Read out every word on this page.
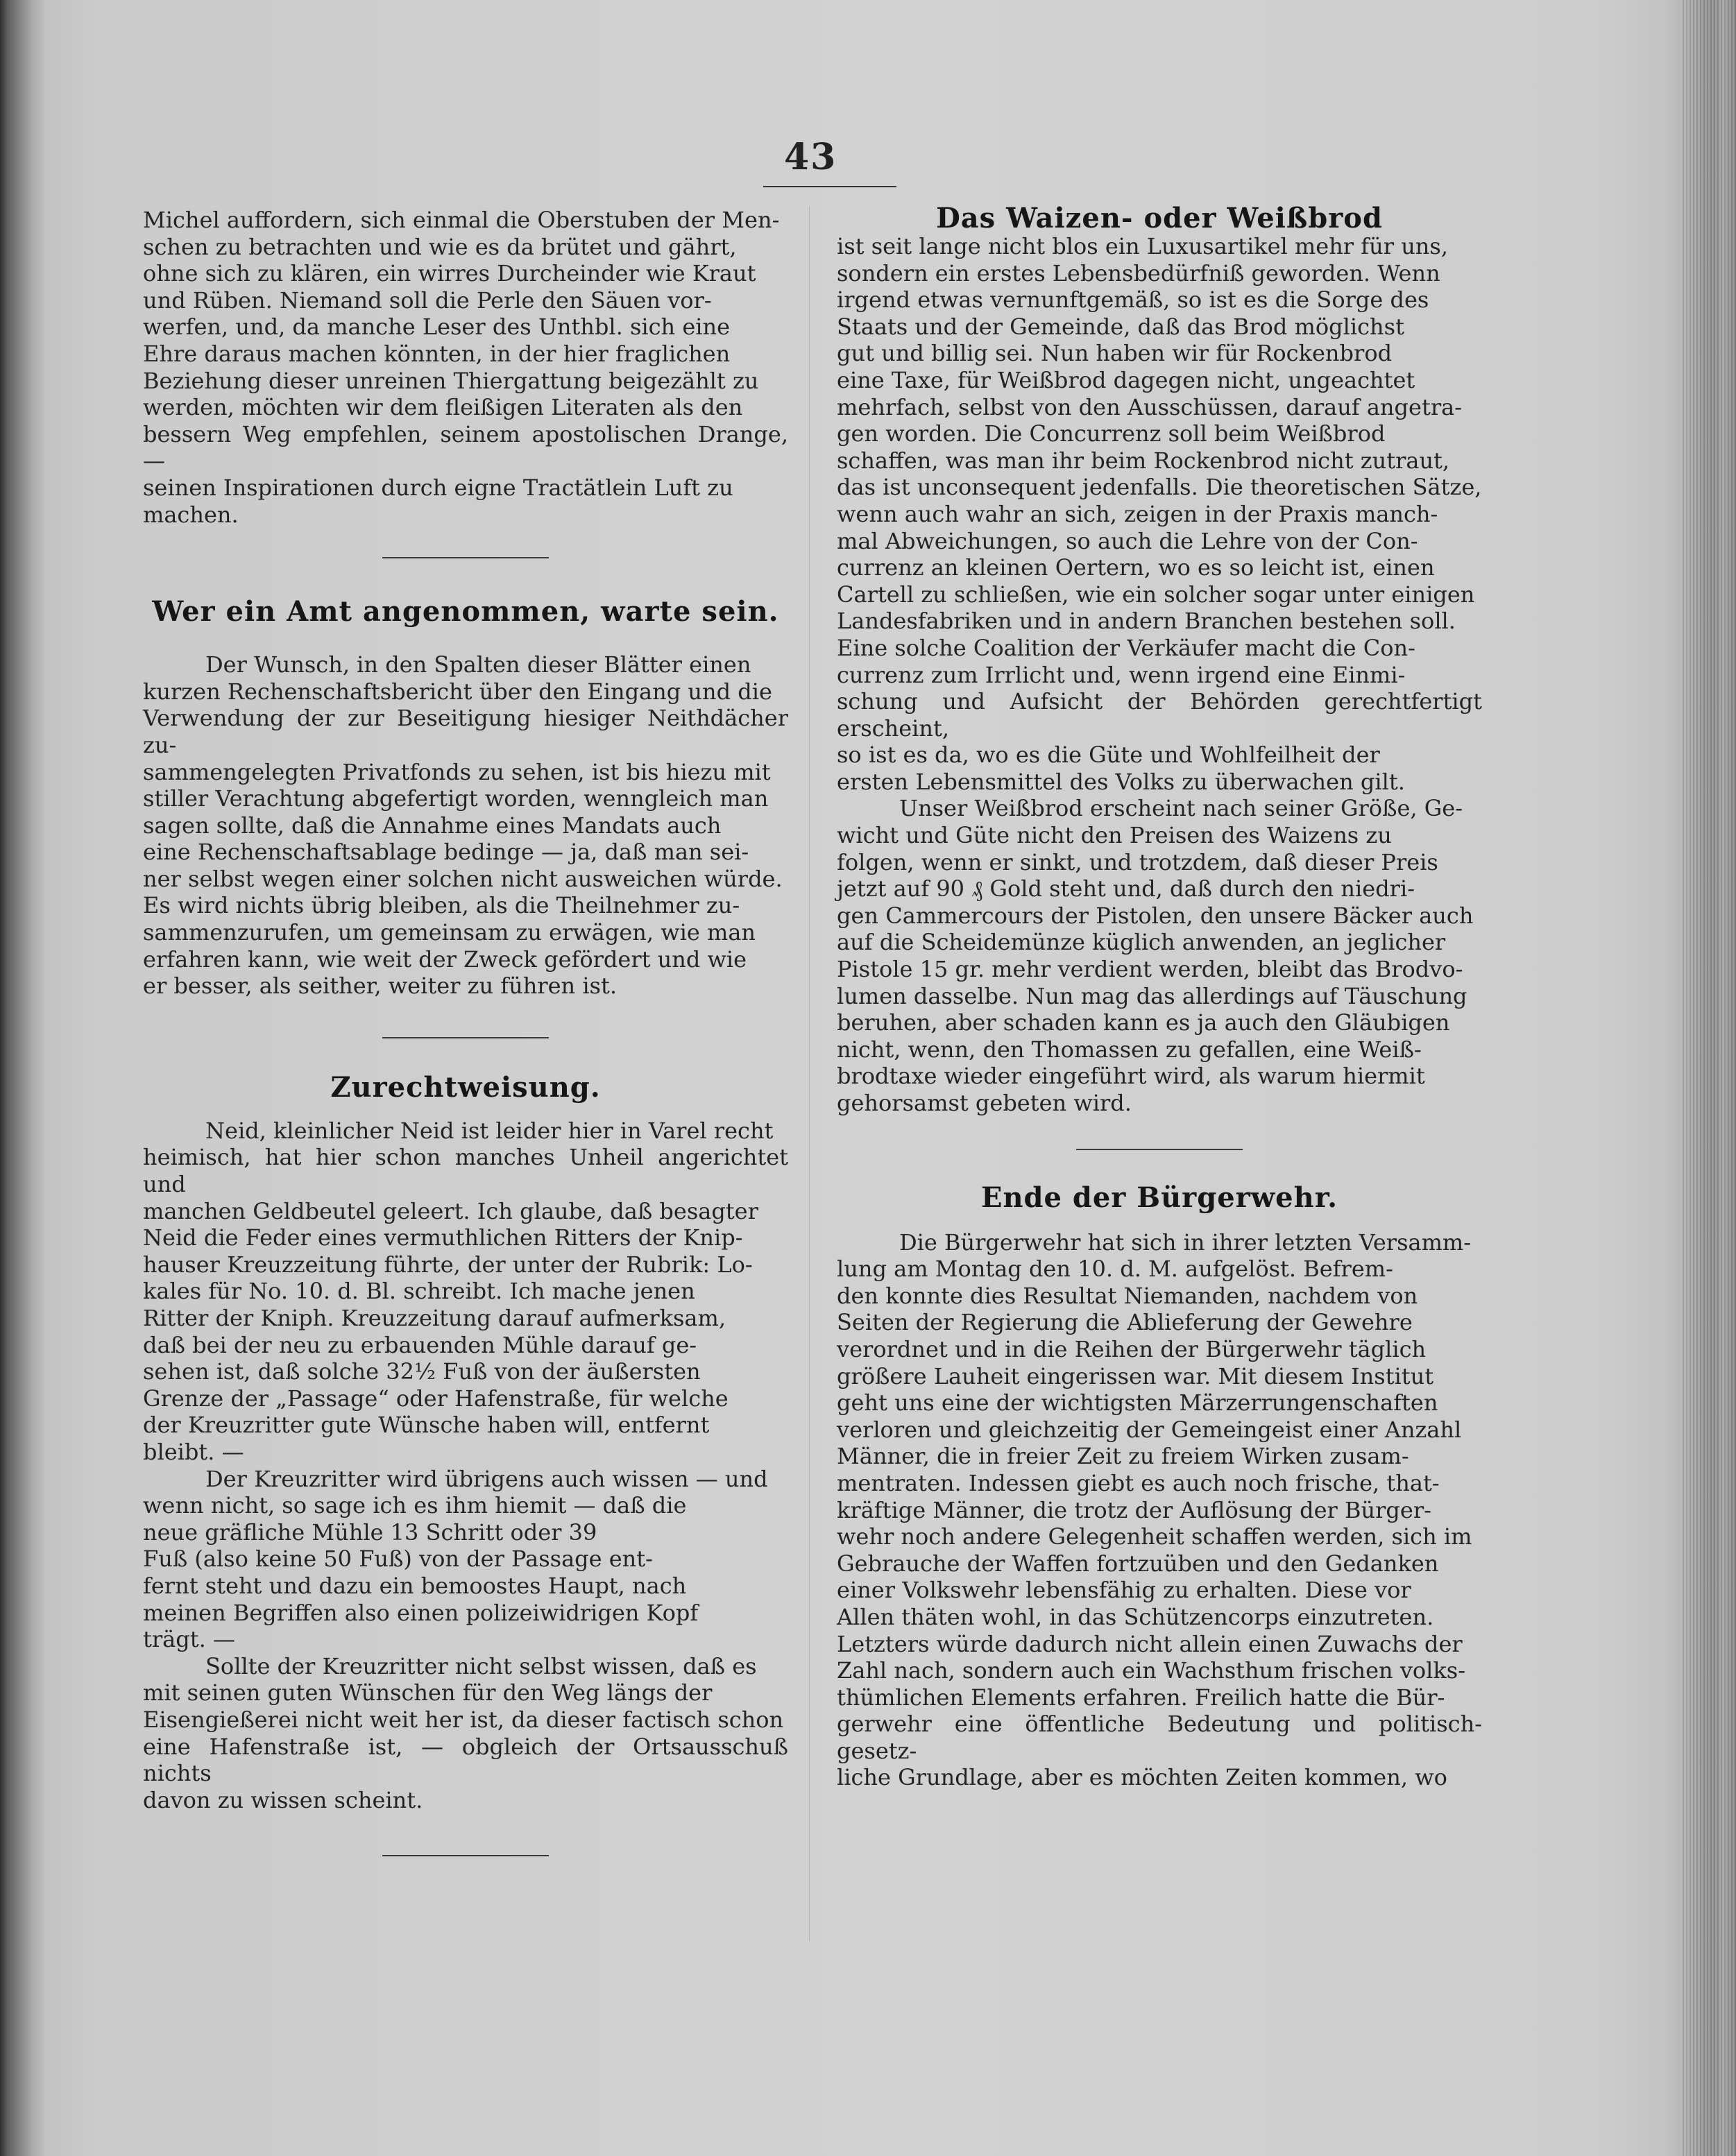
43

Michel auffordern, sich einmal die Oberstuben der Men-
schen zu betrachten und wie es da brütet und gährt,
ohne sich zu klären, ein wirres Durcheinder wie Kraut
und Rüben. Niemand soll die Perle den Säuen vor-
werfen, und, da manche Leser des Unthbl. sich eine
Ehre daraus machen könnten, in der hier fraglichen
Beziehung dieser unreinen Thiergattung beigezählt zu
werden, möchten wir dem fleißigen Literaten als den
bessern Weg empfehlen, seinem apostolischen Drange, —
seinen Inspirationen durch eigne Tractätlein Luft zu
machen.

Wer ein Amt angenommen, warte sein.

Der Wunsch, in den Spalten dieser Blätter einen
kurzen Rechenschaftsbericht über den Eingang und die
Verwendung der zur Beseitigung hiesiger Neithdächer zu-
sammengelegten Privatfonds zu sehen, ist bis hiezu mit
stiller Verachtung abgefertigt worden, wenngleich man
sagen sollte, daß die Annahme eines Mandats auch
eine Rechenschaftsablage bedinge — ja, daß man sei-
ner selbst wegen einer solchen nicht ausweichen würde.
Es wird nichts übrig bleiben, als die Theilnehmer zu-
sammenzurufen, um gemeinsam zu erwägen, wie man
erfahren kann, wie weit der Zweck gefördert und wie
er besser, als seither, weiter zu führen ist.

Zurechtweisung.

Neid, kleinlicher Neid ist leider hier in Varel recht
heimisch, hat hier schon manches Unheil angerichtet und
manchen Geldbeutel geleert. Ich glaube, daß besagter
Neid die Feder eines vermuthlichen Ritters der Knip-
hauser Kreuzzeitung führte, der unter der Rubrik: Lo-
kales für No. 10. d. Bl. schreibt. Ich mache jenen
Ritter der Kniph. Kreuzzeitung darauf aufmerksam,
daß bei der neu zu erbauenden Mühle darauf ge-
sehen ist, daß solche 32½ Fuß von der äußersten
Grenze der „Passage“ oder Hafenstraße, für welche
der Kreuzritter gute Wünsche haben will, entfernt
bleibt. —

Der Kreuzritter wird übrigens auch wissen — und
wenn nicht, so sage ich es ihm hiemit — daß die
neue gräfliche Mühle 13 Schritt oder 39
Fuß (also keine 50 Fuß) von der Passage ent-
fernt steht und dazu ein bemoostes Haupt, nach
meinen Begriffen also einen polizeiwidrigen Kopf
trägt. —

Sollte der Kreuzritter nicht selbst wissen, daß es
mit seinen guten Wünschen für den Weg längs der
Eisengießerei nicht weit her ist, da dieser factisch schon
eine Hafenstraße ist, — obgleich der Ortsausschuß nichts
davon zu wissen scheint.

Das Waizen- oder Weißbrod

ist seit lange nicht blos ein Luxusartikel mehr für uns,
sondern ein erstes Lebensbedürfniß geworden. Wenn
irgend etwas vernunftgemäß, so ist es die Sorge des
Staats und der Gemeinde, daß das Brod möglichst
gut und billig sei. Nun haben wir für Rockenbrod
eine Taxe, für Weißbrod dagegen nicht, ungeachtet
mehrfach, selbst von den Ausschüssen, darauf angetra-
gen worden. Die Concurrenz soll beim Weißbrod
schaffen, was man ihr beim Rockenbrod nicht zutraut,
das ist unconsequent jedenfalls. Die theoretischen Sätze,
wenn auch wahr an sich, zeigen in der Praxis manch-
mal Abweichungen, so auch die Lehre von der Con-
currenz an kleinen Oertern, wo es so leicht ist, einen
Cartell zu schließen, wie ein solcher sogar unter einigen
Landesfabriken und in andern Branchen bestehen soll.
Eine solche Coalition der Verkäufer macht die Con-
currenz zum Irrlicht und, wenn irgend eine Einmi-
schung und Aufsicht der Behörden gerechtfertigt erscheint,
so ist es da, wo es die Güte und Wohlfeilheit der
ersten Lebensmittel des Volks zu überwachen gilt.

Unser Weißbrod erscheint nach seiner Größe, Ge-
wicht und Güte nicht den Preisen des Waizens zu
folgen, wenn er sinkt, und trotzdem, daß dieser Preis
jetzt auf 90 ₰ Gold steht und, daß durch den niedri-
gen Cammercours der Pistolen, den unsere Bäcker auch
auf die Scheidemünze küglich anwenden, an jeglicher
Pistole 15 gr. mehr verdient werden, bleibt das Brodvo-
lumen dasselbe. Nun mag das allerdings auf Täuschung
beruhen, aber schaden kann es ja auch den Gläubigen
nicht, wenn, den Thomassen zu gefallen, eine Weiß-
brodtaxe wieder eingeführt wird, als warum hiermit
gehorsamst gebeten wird.

Ende der Bürgerwehr.

Die Bürgerwehr hat sich in ihrer letzten Versamm-
lung am Montag den 10. d. M. aufgelöst. Befrem-
den konnte dies Resultat Niemanden, nachdem von
Seiten der Regierung die Ablieferung der Gewehre
verordnet und in die Reihen der Bürgerwehr täglich
größere Lauheit eingerissen war. Mit diesem Institut
geht uns eine der wichtigsten Märzerrungenschaften
verloren und gleichzeitig der Gemeingeist einer Anzahl
Männer, die in freier Zeit zu freiem Wirken zusam-
mentraten. Indessen giebt es auch noch frische, that-
kräftige Männer, die trotz der Auflösung der Bürger-
wehr noch andere Gelegenheit schaffen werden, sich im
Gebrauche der Waffen fortzuüben und den Gedanken
einer Volkswehr lebensfähig zu erhalten. Diese vor
Allen thäten wohl, in das Schützencorps einzutreten.
Letzters würde dadurch nicht allein einen Zuwachs der
Zahl nach, sondern auch ein Wachsthum frischen volks-
thümlichen Elements erfahren. Freilich hatte die Bür-
gerwehr eine öffentliche Bedeutung und politisch-gesetz-
liche Grundlage, aber es möchten Zeiten kommen, wo
